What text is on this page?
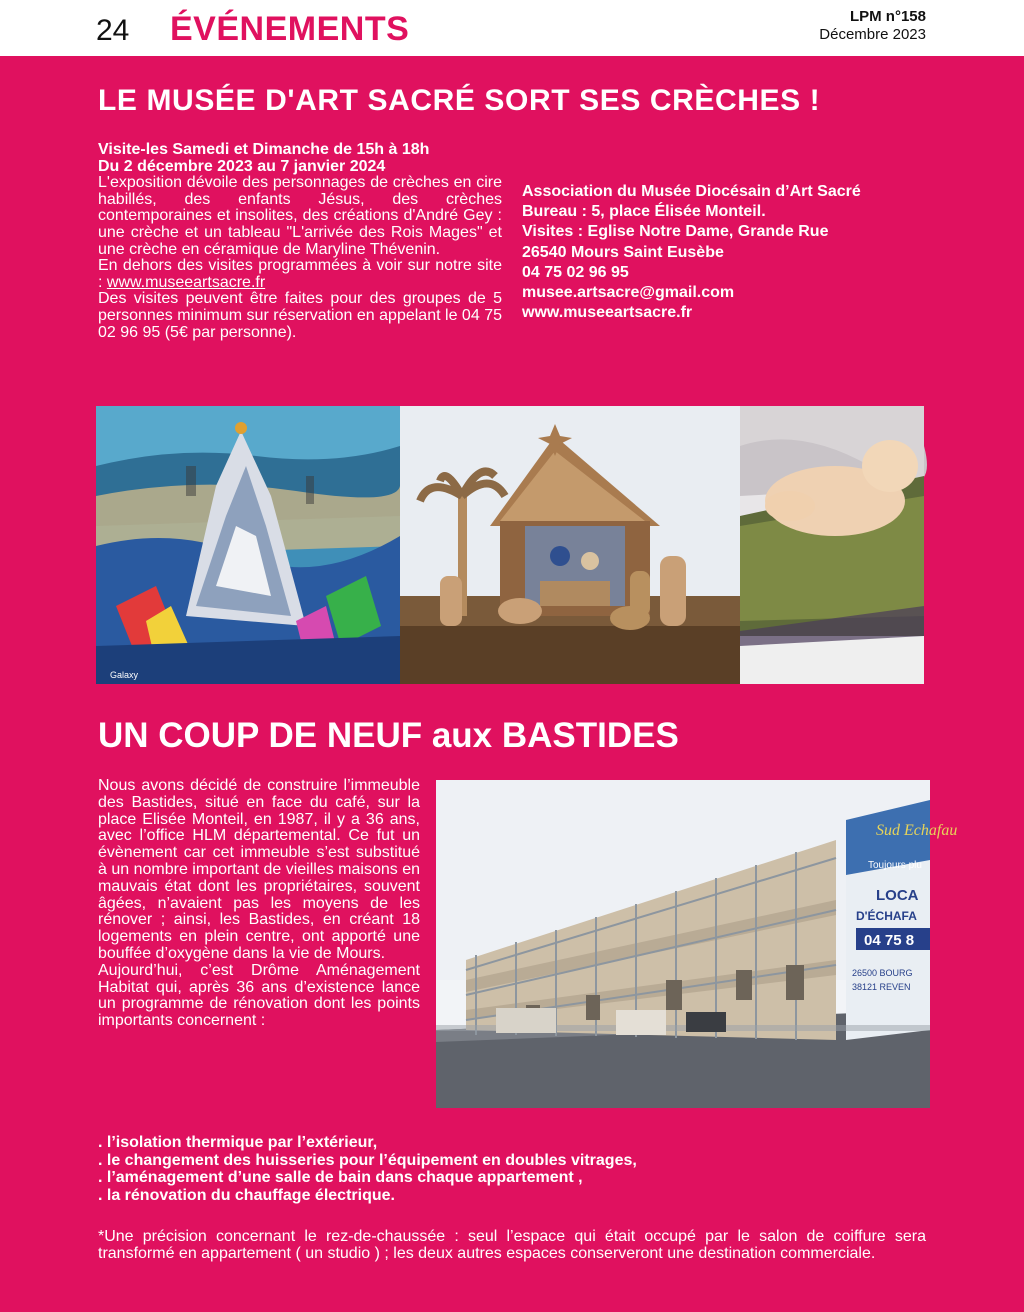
24 ÉVÉNEMENTS	LPM n°158
Décembre 2023
LE MUSÉE D'ART SACRÉ SORT SES CRÈCHES !
Visite-les Samedi et Dimanche de 15h à 18h
Du 2 décembre 2023 au 7 janvier 2024

L'exposition dévoile des personnages de crèches en cire habillés, des enfants Jésus, des crèches contemporaines et insolites, des créations d'André Gey : une crèche et un tableau "L'arrivée des Rois Mages" et une crèche en céramique de Maryline Thévenin.

En dehors des visites programmées à voir sur notre site : www.museeartsacre.fr

Des visites peuvent être faites pour des groupes de 5 personnes minimum sur réservation en appelant le 04 75 02 96 95 (5€ par personne).

Association du Musée Diocésain d’Art Sacré
Bureau : 5, place Élisée Monteil.
Visites : Eglise Notre Dame, Grande Rue
26540 Mours Saint Eusèbe
04 75 02 96 95
musee.artsacre@gmail.com
www.museeartsacre.fr
Galaxy
UN COUP DE NEUF aux BASTIDES

Nous avons décidé de construire l’immeuble des Bastides, situé en face du café, sur la place Elisée Monteil, en 1987, il y a 36 ans, avec l’office HLM départemental. Ce fut un évènement car cet immeuble s’est substitué à un nombre important de vieilles maisons en mauvais état dont les propriétaires, souvent âgées, n’avaient pas les moyens de les rénover ; ainsi, les Bastides, en créant 18 logements en plein centre, ont apporté une bouffée d’oxygène dans la vie de Mours.

Aujourd’hui, c’est Drôme Aménagement Habitat qui, après 36 ans d’existence lance un programme de rénovation dont les points importants concernent :

Sud Echafau
Toujours plu
LOCA
D'ÉCHAFA
04 75 8
26500 BOURG
38121 REVEN
. l’isolation thermique par l’extérieur,
. le changement des huisseries pour l’équipement en doubles vitrages,
. l’aménagement d’une salle de bain dans chaque appartement ,
. la rénovation du chauffage électrique.
*Une précision concernant le rez-de-chaussée : seul l’espace qui était occupé par le salon de coiffure sera transformé en appartement ( un studio ) ; les deux autres espaces conserveront une destination commerciale.
